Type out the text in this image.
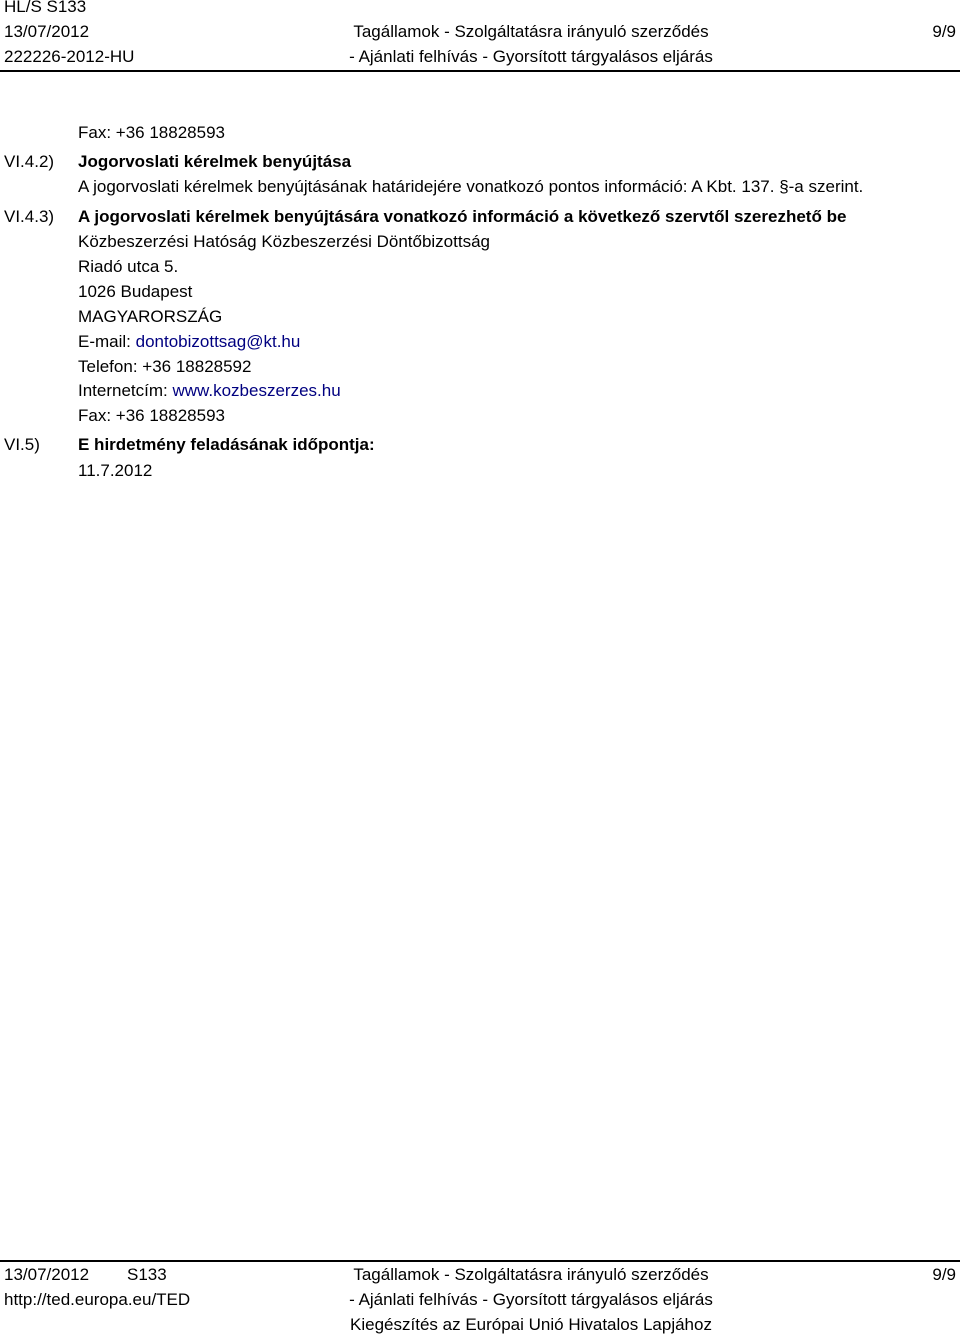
HL/S S133
13/07/2012
222226-2012-HU
Tagállamok - Szolgáltatásra irányuló szerződés
- Ajánlati felhívás - Gyorsított tárgyalásos eljárás
9/9
Fax: +36 18828593
VI.4.2) Jogorvoslati kérelmek benyújtása
A jogorvoslati kérelmek benyújtásának határidejére vonatkozó pontos információ: A Kbt. 137. §-a szerint.
VI.4.3) A jogorvoslati kérelmek benyújtására vonatkozó információ a következő szervtől szerezhető be
Közbeszerzési Hatóság Közbeszerzési Döntőbizottság
Riadó utca 5.
1026 Budapest
MAGYARORSZÁG
E-mail: dontobizottsag@kt.hu
Telefon: +36 18828592
Internetcím: www.kozbeszerzes.hu
Fax: +36 18828593
VI.5) E hirdetmény feladásának időpontja:
11.7.2012
13/07/2012 S133
http://ted.europa.eu/TED
Tagállamok - Szolgáltatásra irányuló szerződés
- Ajánlati felhívás - Gyorsított tárgyalásos eljárás
Kiegészítés az Európai Unió Hivatalos Lapjához
9/9
